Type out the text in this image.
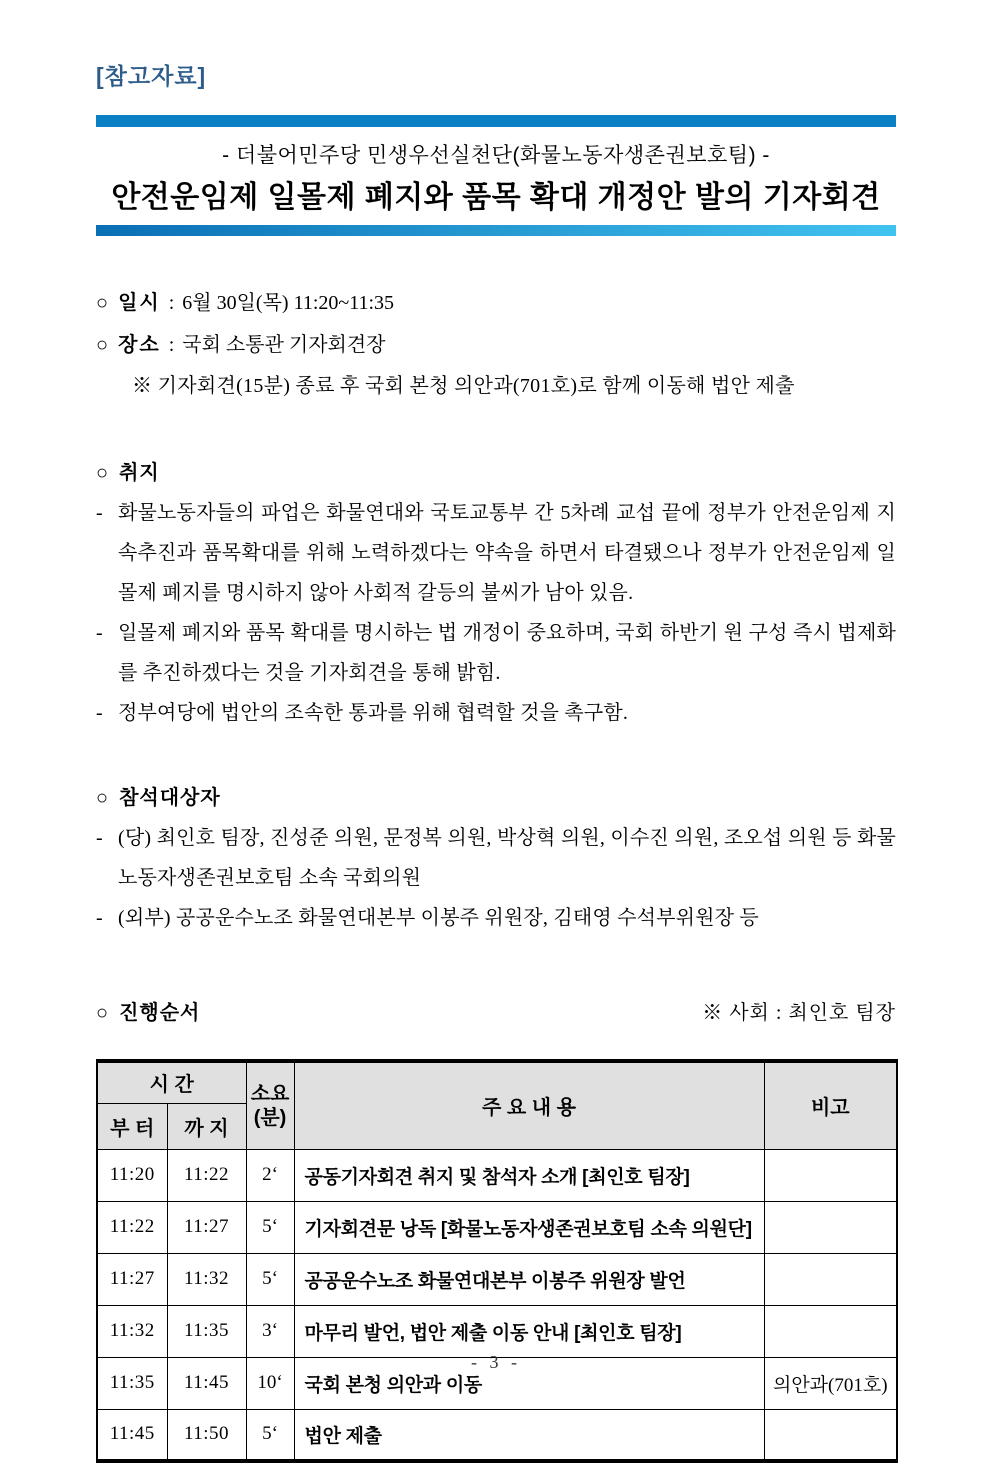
[참고자료]
- 더불어민주당 민생우선실천단(화물노동자생존권보호팀) -
안전운임제 일몰제 폐지와 품목 확대 개정안 발의 기자회견
○ 일시 : 6월 30일(목) 11:20~11:35
○ 장소 : 국회 소통관 기자회견장
※ 기자회견(15분) 종료 후 국회 본청 의안과(701호)로 함께 이동해 법안 제출
○ 취지
- 화물노동자들의 파업은 화물연대와 국토교통부 간 5차례 교섭 끝에 정부가 안전운임제 지속추진과 품목확대를 위해 노력하겠다는 약속을 하면서 타결됐으나 정부가 안전운임제 일몰제 폐지를 명시하지 않아 사회적 갈등의 불씨가 남아 있음.
- 일몰제 폐지와 품목 확대를 명시하는 법 개정이 중요하며, 국회 하반기 원 구성 즉시 법제화를 추진하겠다는 것을 기자회견을 통해 밝힘.
- 정부여당에 법안의 조속한 통과를 위해 협력할 것을 촉구함.
○ 참석대상자
- (당) 최인호 팀장, 진성준 의원, 문정복 의원, 박상혁 의원, 이수진 의원, 조오섭 의원 등 화물노동자생존권보호팀 소속 국회의원
- (외부) 공공운수노조 화물연대본부 이봉주 위원장, 김태영 수석부위원장 등
○ 진행순서	※ 사회 : 최인호 팀장
시 간		소요
(분)	주 요 내 용	비고
부 터	까 지			
11:20	11:22	2‘	공동기자회견 취지 및 참석자 소개 [최인호 팀장]	
11:22	11:27	5‘	기자회견문 낭독 [화물노동자생존권보호팀 소속 의원단]	
11:27	11:32	5‘	공공운수노조 화물연대본부 이봉주 위원장 발언	
11:32	11:35	3‘	마무리 발언, 법안 제출 이동 안내 [최인호 팀장]	
11:35	11:45	10‘	국회 본청 의안과 이동	의안과(701호)
11:45	11:50	5‘	법안 제출	
- 3 -
